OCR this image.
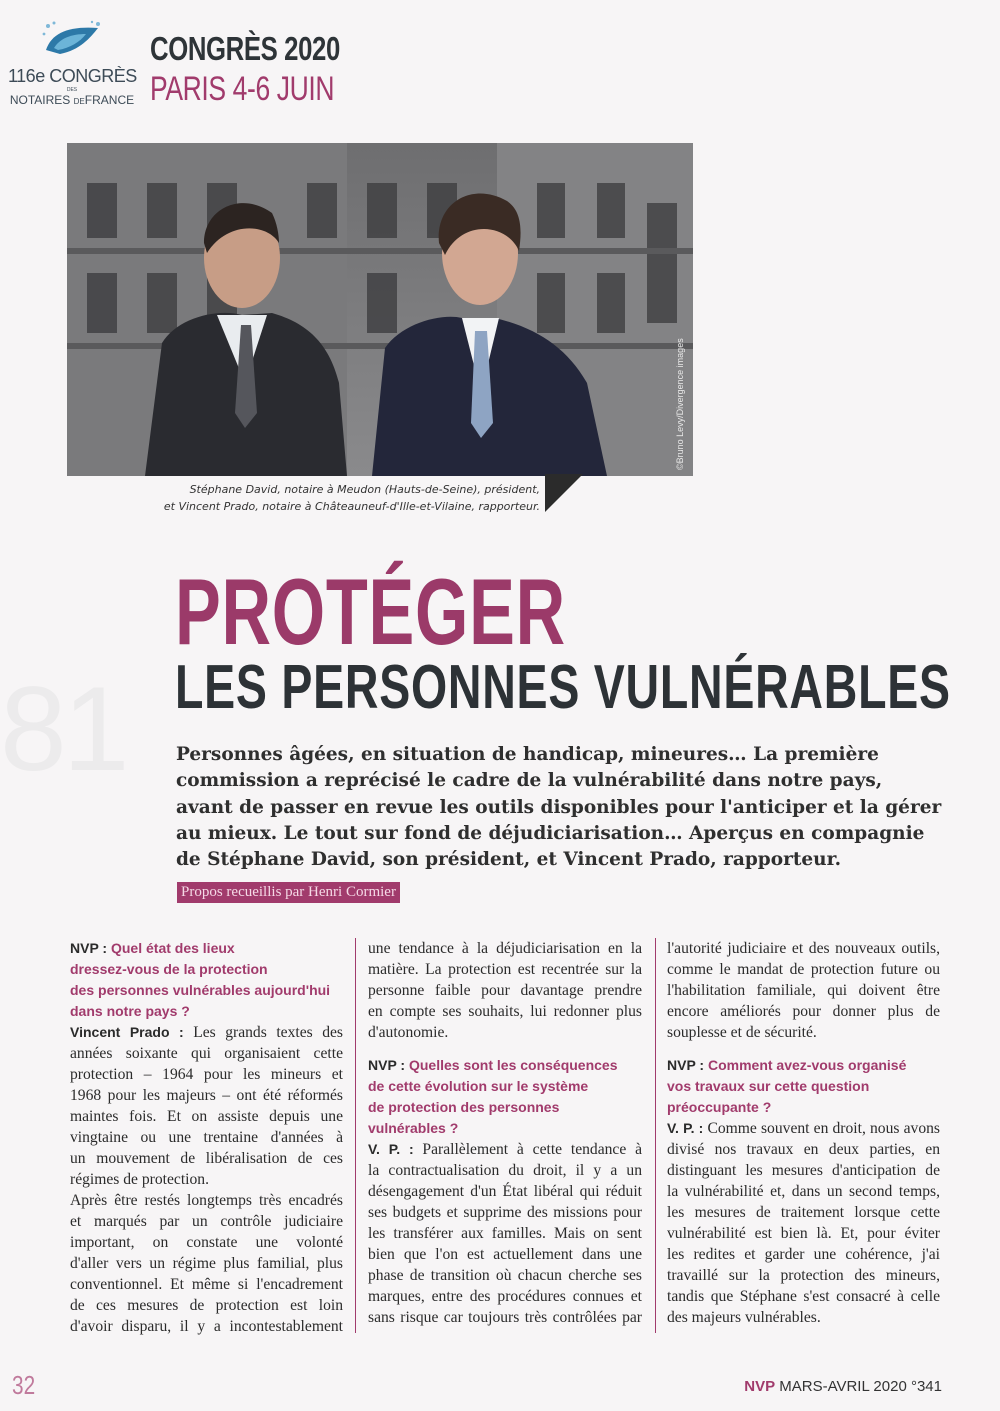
116e CONGRÈS
DES
NOTAIRES DEFRANCE
CONGRÈS 2020
PARIS 4-6 JUIN
©Bruno Levy/Divergence images
Stéphane David, notaire à Meudon (Hauts-de-Seine), président,
et Vincent Prado, notaire à Châteauneuf-d'Ille-et-Vilaine, rapporteur.
81
PROTÉGER
LES PERSONNES VULNÉRABLES

Personnes âgées, en situation de handicap, mineures… La première

commission a reprécisé le cadre de la vulnérabilité dans notre pays,

avant de passer en revue les outils disponibles pour l'anticiper et la gérer

au mieux. Le tout sur fond de déjudiciarisation… Aperçus en compagnie

de Stéphane David, son président, et Vincent Prado, rapporteur.

Propos recueillis par Henri Cormier
NVP : Quel état des lieux
dressez-vous de la protection
des personnes vulnérables aujourd'hui
dans notre pays ?
Vincent Prado : Les grands textes des
années soixante qui organisaient cette
protection – 1964 pour les mineurs et
1968 pour les majeurs – ont été réformés
maintes fois. Et on assiste depuis une
vingtaine ou une trentaine d'années à
un mouvement de libéralisation de ces
régimes de protection.
Après être restés longtemps très encadrés
et marqués par un contrôle judiciaire
important, on constate une volonté
d'aller vers un régime plus familial, plus
conventionnel. Et même si l'encadrement
de ces mesures de protection est loin
d'avoir disparu, il y a incontestablement
une tendance à la déjudiciarisation en la
matière. La protection est recentrée sur la
personne faible pour davantage prendre
en compte ses souhaits, lui redonner plus
d'autonomie.
NVP : Quelles sont les conséquences
de cette évolution sur le système
de protection des personnes
vulnérables ?
V. P. : Parallèlement à cette tendance à
la contractualisation du droit, il y a un
désengagement d'un État libéral qui réduit
ses budgets et supprime des missions pour
les transférer aux familles. Mais on sent
bien que l'on est actuellement dans une
phase de transition où chacun cherche ses
marques, entre des procédures connues et
sans risque car toujours très contrôlées par
l'autorité judiciaire et des nouveaux outils,
comme le mandat de protection future ou
l'habilitation familiale, qui doivent être
encore améliorés pour donner plus de
souplesse et de sécurité.
NVP : Comment avez-vous organisé
vos travaux sur cette question
préoccupante ?
V. P. : Comme souvent en droit, nous avons
divisé nos travaux en deux parties, en
distinguant les mesures d'anticipation de
la vulnérabilité et, dans un second temps,
les mesures de traitement lorsque cette
vulnérabilité est bien là. Et, pour éviter
les redites et garder une cohérence, j'ai
travaillé sur la protection des mineurs,
tandis que Stéphane s'est consacré à celle
des majeurs vulnérables.
32	NVP MARS-AVRIL 2020 °341
